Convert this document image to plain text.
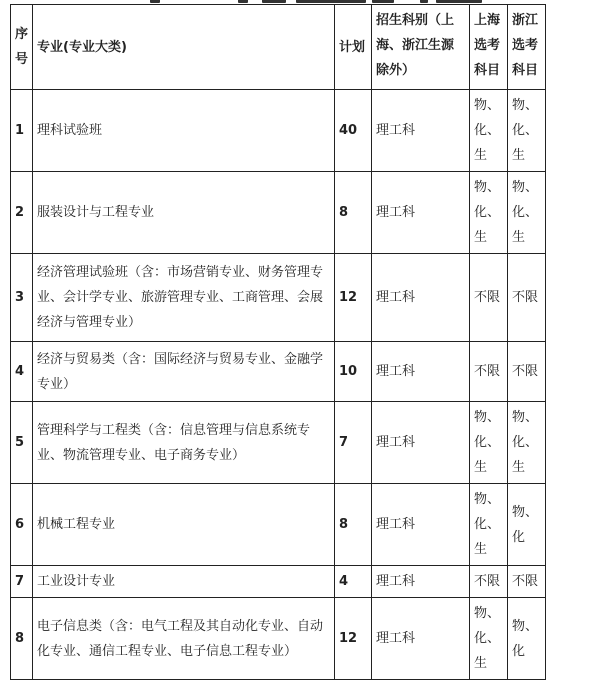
序号	专业(专业大类)	计划	招生科别（上海、浙江生源除外）	上海选考科目	浙江选考科目
1	理科试验班	40	理工科	物、化、生	物、化、生
2	服装设计与工程专业	8	理工科	物、化、生	物、化、生
3	经济管理试验班（含：市场营销专业、财务管理专业、会计学专业、旅游管理专业、工商管理、会展经济与管理专业）	12	理工科	不限	不限
4	经济与贸易类（含：国际经济与贸易专业、金融学专业）	10	理工科	不限	不限
5	管理科学与工程类（含：信息管理与信息系统专业、物流管理专业、电子商务专业）	7	理工科	物、化、生	物、化、生
6	机械工程专业	8	理工科	物、化、生	物、化
7	工业设计专业	4	理工科	不限	不限
8	电子信息类（含：电气工程及其自动化专业、自动化专业、通信工程专业、电子信息工程专业）	12	理工科	物、化、生	物、化
